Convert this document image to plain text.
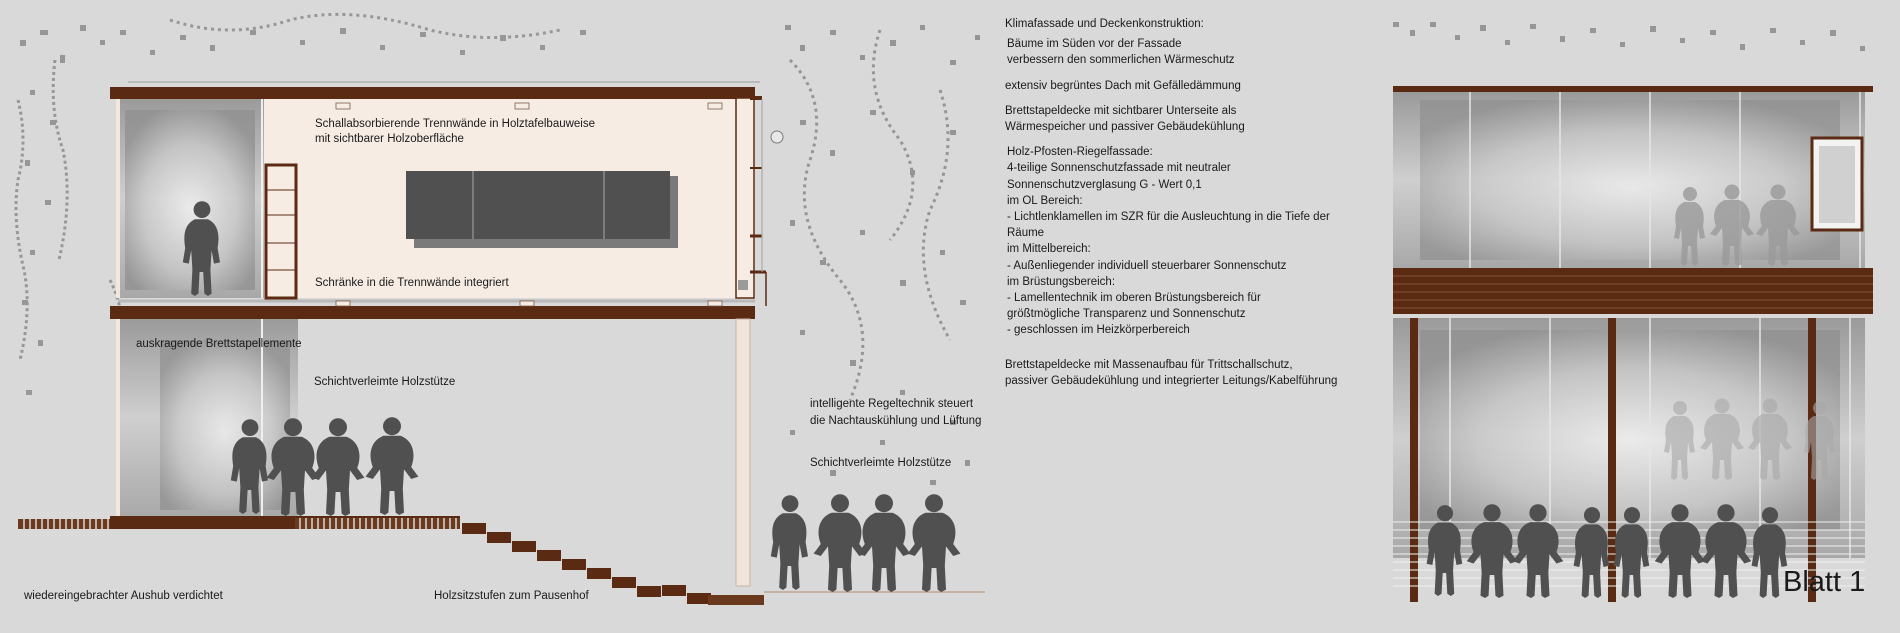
Schallabsorbierende Trennwände in Holztafelbauweise
mit sichtbarer Holzoberfläche
Schränke in die Trennwände integriert
auskragende Brettstapellemente
Schichtverleimte Holzstütze
intelligente Regeltechnik steuert
die Nachtauskühlung und Lüftung
Schichtverleimte Holzstütze
wiedereingebrachter Aushub verdichtet	Holzsitzstufen zum Pausenhof
Klimafassade und Deckenkonstruktion:
Bäume im Süden vor der Fassade
verbessern den sommerlichen Wärmeschutz
extensiv begrüntes Dach mit Gefälledämmung
Brettstapeldecke mit sichtbarer Unterseite als
Wärmespeicher und passiver Gebäudekühlung
Holz-Pfosten-Riegelfassade:
4-teilige Sonnenschutzfassade mit neutraler
Sonnenschutzverglasung G - Wert 0,1
im OL Bereich:
- Lichtlenklamellen im SZR für die Ausleuchtung in die Tiefe der
Räume
im Mittelbereich:
- Außenliegender individuell steuerbarer Sonnenschutz
im Brüstungsbereich:
- Lamellentechnik im oberen Brüstungsbereich für
größtmögliche Transparenz und Sonnenschutz
- geschlossen im Heizkörperbereich
Brettstapeldecke mit Massenaufbau für Trittschallschutz,
passiver Gebäudekühlung und integrierter Leitungs/Kabelführung
Blatt 1
